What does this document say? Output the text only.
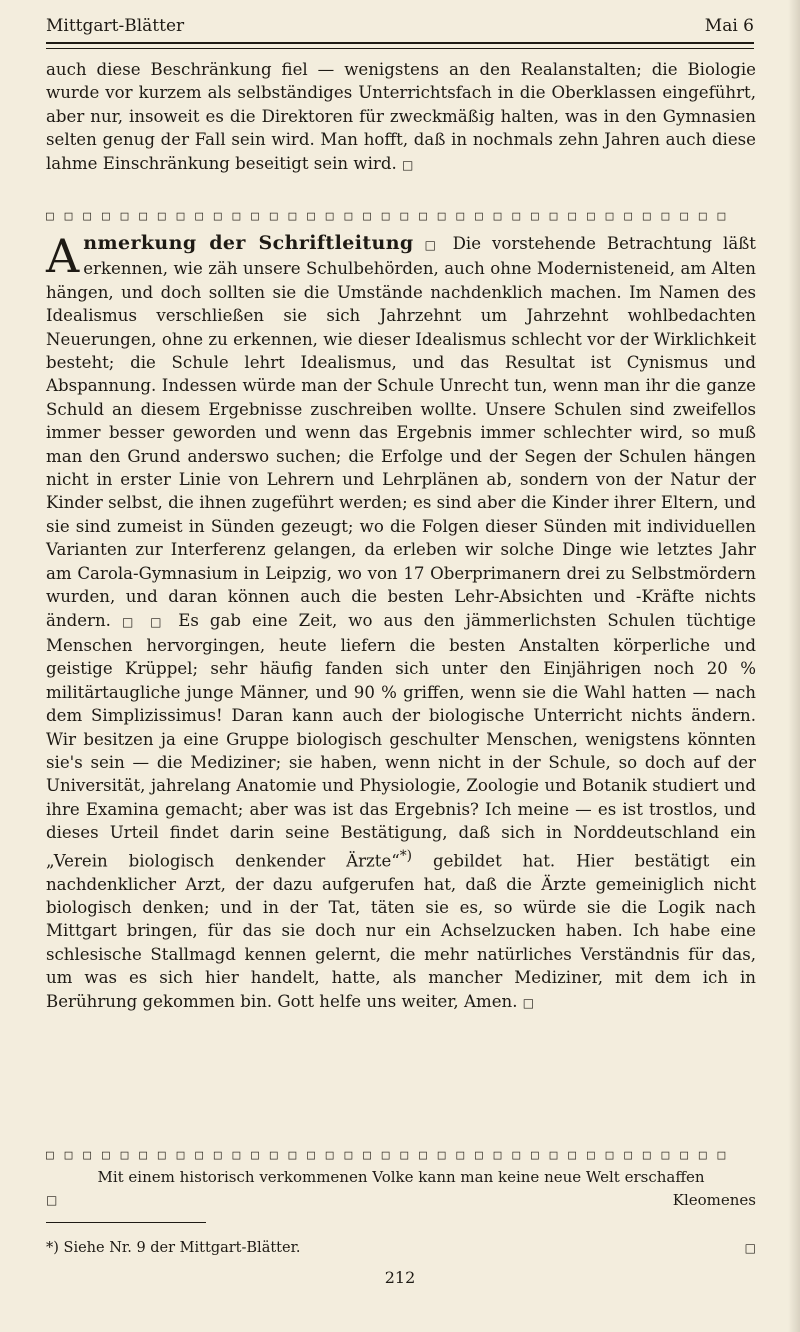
Mittgart-Blätter	Mai 6
auch diese Beschränkung fiel — wenigstens an den Realanstalten; die Biologie wurde vor kurzem als selbständiges Unterrichtsfach in die Oberklassen eingeführt, aber nur, insoweit es die Direktoren für zweckmäßig halten, was in den Gymnasien selten genug der Fall sein wird. Man hofft, daß in nochmals zehn Jahren auch diese lahme Einschränkung beseitigt sein wird. □
□ □ □ □ □ □ □ □ □ □ □ □ □ □ □ □ □ □ □ □ □ □ □ □ □ □ □ □ □ □ □ □ □ □ □ □ □
A nmerkung der Schriftleitung □ Die vorstehende Betrachtung läßt erkennen, wie zäh unsere Schulbehörden, auch ohne Modernisteneid, am Alten hängen, und doch sollten sie die Umstände nachdenklich machen. Im Namen des Idealismus verschließen sie sich Jahrzehnt um Jahrzehnt wohlbedachten Neuerungen, ohne zu erkennen, wie dieser Idealismus schlecht vor der Wirklichkeit besteht; die Schule lehrt Idealismus, und das Resultat ist Cynismus und Abspannung. Indessen würde man der Schule Unrecht tun, wenn man ihr die ganze Schuld an diesem Ergebnisse zuschreiben wollte. Unsere Schulen sind zweifellos immer besser geworden und wenn das Ergebnis immer schlechter wird, so muß man den Grund anderswo suchen; die Erfolge und der Segen der Schulen hängen nicht in erster Linie von Lehrern und Lehrplänen ab, sondern von der Natur der Kinder selbst, die ihnen zugeführt werden; es sind aber die Kinder ihrer Eltern, und sie sind zumeist in Sünden gezeugt; wo die Folgen dieser Sünden mit individuellen Varianten zur Interferenz gelangen, da erleben wir solche Dinge wie letztes Jahr am Carola-Gymnasium in Leipzig, wo von 17 Oberprimanern drei zu Selbstmördern wurden, und daran können auch die besten Lehr-Absichten und -Kräfte nichts ändern. □ □ Es gab eine Zeit, wo aus den jämmerlichsten Schulen tüchtige Menschen hervorgingen, heute liefern die besten Anstalten körperliche und geistige Krüppel; sehr häufig fanden sich unter den Einjährigen noch 20 % militärtaugliche junge Männer, und 90 % griffen, wenn sie die Wahl hatten — nach dem Simplizissimus! Daran kann auch der biologische Unterricht nichts ändern. Wir besitzen ja eine Gruppe biologisch geschulter Menschen, wenigstens könnten sie's sein — die Mediziner; sie haben, wenn nicht in der Schule, so doch auf der Universität, jahrelang Anatomie und Physiologie, Zoologie und Botanik studiert und ihre Examina gemacht; aber was ist das Ergebnis? Ich meine — es ist trostlos, und dieses Urteil findet darin seine Bestätigung, daß sich in Norddeutschland ein „Verein biologisch denkender Ärzte“*) gebildet hat. Hier bestätigt ein nachdenklicher Arzt, der dazu aufgerufen hat, daß die Ärzte gemeiniglich nicht biologisch denken; und in der Tat, täten sie es, so würde sie die Logik nach Mittgart bringen, für das sie doch nur ein Achselzucken haben. Ich habe eine schlesische Stallmagd kennen gelernt, die mehr natürliches Verständnis für das, um was es sich hier handelt, hatte, als mancher Mediziner, mit dem ich in Berührung gekommen bin. Gott helfe uns weiter, Amen. □
□ □ □ □ □ □ □ □ □ □ □ □ □ □ □ □ □ □ □ □ □ □ □ □ □ □ □ □ □ □ □ □ □ □ □ □ □
Mit einem historisch verkommenen Volke kann man keine neue Welt erschaffen
□	Kleomenes
*) Siehe Nr. 9 der Mittgart-Blätter.	□
212
